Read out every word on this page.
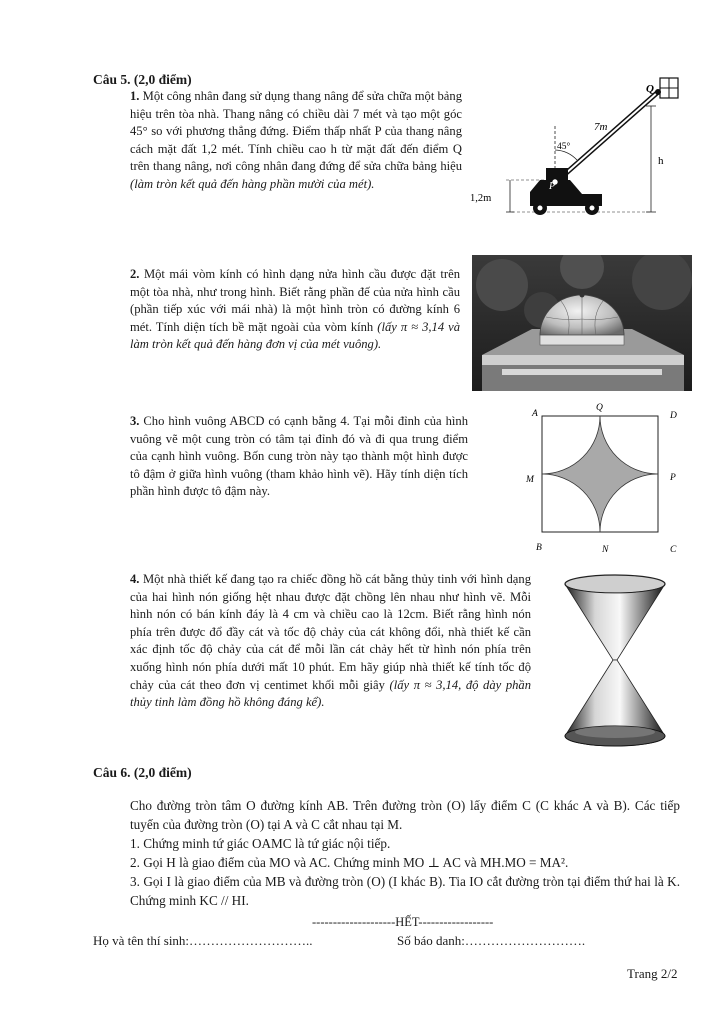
Câu 5. (2,0 điểm)

1. Một công nhân đang sử dụng thang nâng để sửa chữa một bảng hiệu trên tòa nhà. Thang nâng có chiều dài 7 mét và tạo một góc 45° so với phương thẳng đứng. Điểm thấp nhất P của thang nâng cách mặt đất 1,2 mét. Tính chiều cao h từ mặt đất đến điểm Q trên thang nâng, nơi công nhân đang đứng để sửa chữa bảng hiệu (làm tròn kết quả đến hàng phần mười của mét).

Q
7m
45°
P
h
1,2m

2. Một mái vòm kính có hình dạng nửa hình cầu được đặt trên một tòa nhà, như trong hình. Biết rằng phần đế của nửa hình cầu (phần tiếp xúc với mái nhà) là một hình tròn có đường kính 6 mét. Tính diện tích bề mặt ngoài của vòm kính (lấy π ≈ 3,14 và làm tròn kết quả đến hàng đơn vị của mét vuông).

3. Cho hình vuông ABCD có cạnh bằng 4. Tại mỗi đỉnh của hình vuông vẽ một cung tròn có tâm tại đỉnh đó và đi qua trung điểm của cạnh hình vuông. Bốn cung tròn này tạo thành một hình được tô đậm ở giữa hình vuông (tham khảo hình vẽ). Hãy tính diện tích phần hình được tô đậm này.

A
Q
D
M	P
B	N	C

4. Một nhà thiết kế đang tạo ra chiếc đồng hồ cát bằng thủy tinh với hình dạng của hai hình nón giống hệt nhau được đặt chồng lên nhau như hình vẽ. Mỗi hình nón có bán kính đáy là 4 cm và chiều cao là 12cm. Biết rằng hình nón phía trên được đổ đầy cát và tốc độ chảy của cát không đổi, nhà thiết kế cần xác định tốc độ chảy của cát để mỗi lần cát chảy hết từ hình nón phía trên xuống hình nón phía dưới mất 10 phút. Em hãy giúp nhà thiết kế tính tốc độ chảy của cát theo đơn vị centimet khối mỗi giây (lấy π ≈ 3,14, độ dày phần thủy tinh làm đồng hồ không đáng kể).

Câu 6. (2,0 điểm)

Cho đường tròn tâm O đường kính AB. Trên đường tròn (O) lấy điểm C (C khác A và B). Các tiếp tuyến của đường tròn (O) tại A và C cắt nhau tại M.

1. Chứng minh tứ giác OAMC là tứ giác nội tiếp.

2. Gọi H là giao điểm của MO và AC. Chứng minh MO ⊥ AC và MH.MO = MA².

3. Gọi I là giao điểm của MB và đường tròn (O) (I khác B). Tia IO cắt đường tròn tại điểm thứ hai là K. Chứng minh KC // HI.

--------------------HẾT------------------
Họ và tên thí sinh:………………………..	Số báo danh:……………………….
Trang 2/2
